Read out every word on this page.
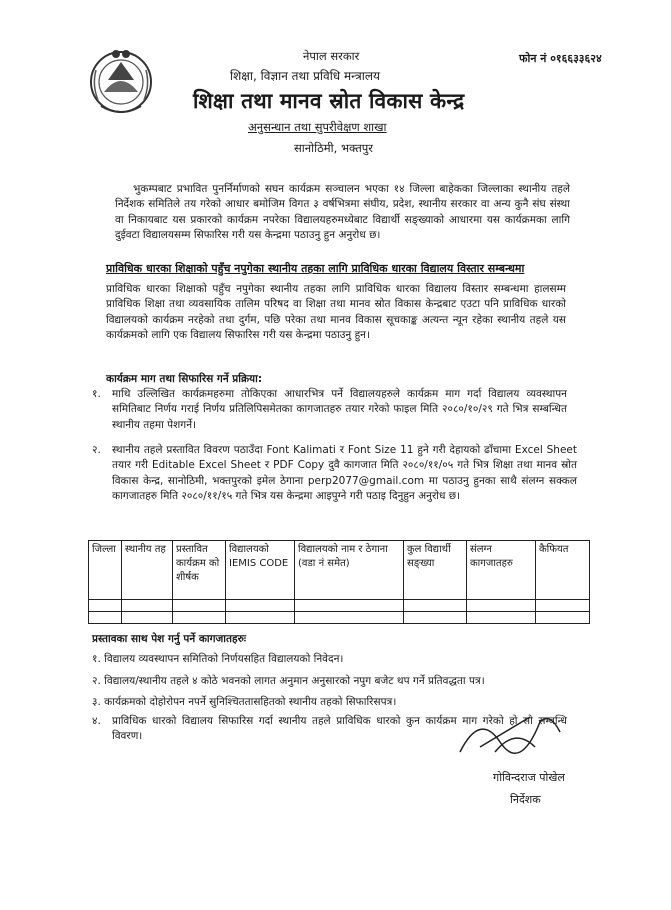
नेपाल सरकार
शिक्षा, विज्ञान तथा प्रविधि मन्त्रालय
शिक्षा तथा मानव स्रोत विकास केन्द्र
अनुसन्धान तथा सुपरीवेक्षण शाखा
सानोठिमी, भक्तपुर
फोन नं ०१६६३३६२४
भुकम्पबाट प्रभावित पुनर्निर्माणको सघन कार्यक्रम सञ्चालन भएका १४ जिल्ला बाहेकका जिल्लाका स्थानीय तहले निर्देशक समितिले तय गरेको आधार बमोजिम विगत ३ वर्षभित्रमा संघीय, प्रदेश, स्थानीय सरकार वा अन्य कुनै संघ संस्था वा निकायबाट यस प्रकारको कार्यक्रम नपरेका विद्यालयहरुमध्येबाट विद्यार्थी सङ्ख्याको आधारमा यस कार्यक्रमका लागि दुईवटा विद्यालयसम्म सिफारिस गरी यस केन्द्रमा पठाउनु हुन अनुरोध छ।
प्राविधिक धारका शिक्षाको पहुँच नपुगेका स्थानीय तहका लागि प्राविधिक धारका विद्यालय विस्तार सम्बन्धमा
प्राविधिक धारका शिक्षाको पहुँच नपुगेका स्थानीय तहका लागि प्राविधिक धारका विद्यालय विस्तार सम्बन्धमा हालसम्म प्राविधिक शिक्षा तथा व्यवसायिक तालिम परिषद वा शिक्षा तथा मानव स्रोत विकास केन्द्रबाट एउटा पनि प्राविधिक धारको विद्यालयको कार्यक्रम नरहेको तथा दुर्गम, पछि परेका तथा मानव विकास सूचकाङ्क अत्यन्त न्यून रहेका स्थानीय तहले यस कार्यक्रमको लागि एक विद्यालय सिफारिस गरी यस केन्द्रमा पठाउनु हुन।
कार्यक्रम माग तथा सिफारिस गर्ने प्रक्रिया:
१. माथि उल्लिखित कार्यक्रमहरुमा तोकिएका आधारभित्र पर्ने विद्यालयहरुले कार्यक्रम माग गर्दा विद्यालय व्यवस्थापन समितिबाट निर्णय गराई निर्णय प्रतिलिपिसमेतका कागजातहरु तयार गरेको फाइल मिति २०८०/१०/२९ गते भित्र सम्बन्धित स्थानीय तहमा पेशगर्ने।
२. स्थानीय तहले प्रस्तावित विवरण पठाउँदा Font Kalimati र Font Size 11 हुने गरी देहायको ढाँचामा Excel Sheet तयार गरी Editable Excel Sheet र PDF Copy दुवै कागजात मिति २०८०/११/०५ गते भित्र शिक्षा तथा मानव स्रोत विकास केन्द्र, सानोठिमी, भक्तपुरको इमेल ठेगाना perp2077@gmail.com मा पठाउनु हुनका साथै संलग्न सक्कल कागजातहरु मिति २०८०/११/१५ गते भित्र यस केन्द्रमा आइपुग्ने गरी पठाइ दिनुहुन अनुरोध छ।
जिल्ला	स्थानीय तह	प्रस्तावित कार्यक्रम को शीर्षक	विद्यालयको IEMIS CODE	विद्यालयको नाम र ठेगाना (वडा नं समेत)	कुल विद्यार्थी सङ्ख्या	संलग्न कागजातहरु	कैफियत

प्रस्तावका साथ पेश गर्नु पर्ने कागजातहरुः
१. विद्यालय व्यवस्थापन समितिको निर्णयसहित विद्यालयको निवेदन।
२. विद्यालय/स्थानीय तहले ४ कोठे भवनको लागत अनुमान अनुसारको नपुग बजेट थप गर्ने प्रतिवद्धता पत्र।
३. कार्यक्रमको दोहोरोपन नपर्ने सुनिश्चिततासहितको स्थानीय तहको सिफारिसपत्र।
४. प्राविधिक धारको विद्यालय सिफारिस गर्दा स्थानीय तहले प्राविधिक धारको कुन कार्यक्रम माग गरेको हो सो सम्बन्धि विवरण।
गोविन्दराज पोखेल
निर्देशक
